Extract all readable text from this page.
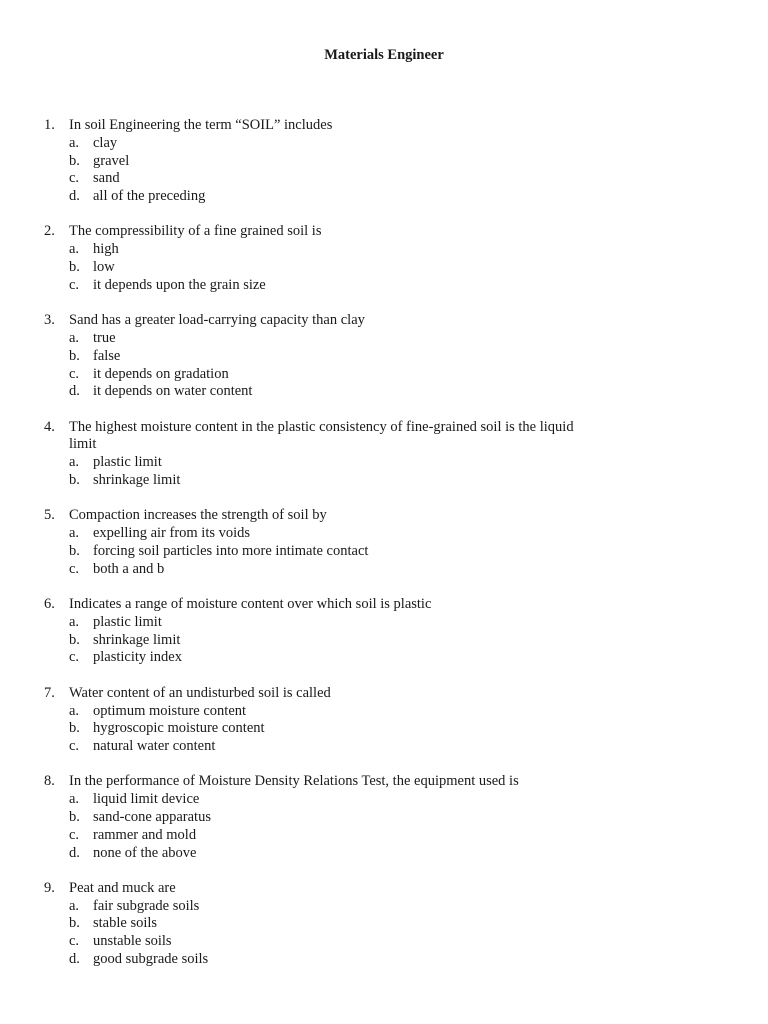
Materials Engineer
1. In soil Engineering the term “SOIL” includes
a. clay
b. gravel
c. sand
d. all of the preceding
2. The compressibility of a fine grained soil is
a. high
b. low
c. it depends upon the grain size
3. Sand has a greater load-carrying capacity than clay
a. true
b. false
c. it depends on gradation
d. it depends on water content
4. The highest moisture content in the plastic consistency of fine-grained soil is the liquid limit
a. plastic limit
b. shrinkage limit
5. Compaction increases the strength of soil by
a. expelling air from its voids
b. forcing soil particles into more intimate contact
c. both a and b
6. Indicates a range of moisture content over which soil is plastic
a. plastic limit
b. shrinkage limit
c. plasticity index
7. Water content of an undisturbed soil is called
a. optimum moisture content
b. hygroscopic moisture content
c. natural water content
8. In the performance of Moisture Density Relations Test, the equipment used is
a. liquid limit device
b. sand-cone apparatus
c. rammer and mold
d. none of the above
9. Peat and muck are
a. fair subgrade soils
b. stable soils
c. unstable soils
d. good subgrade soils
